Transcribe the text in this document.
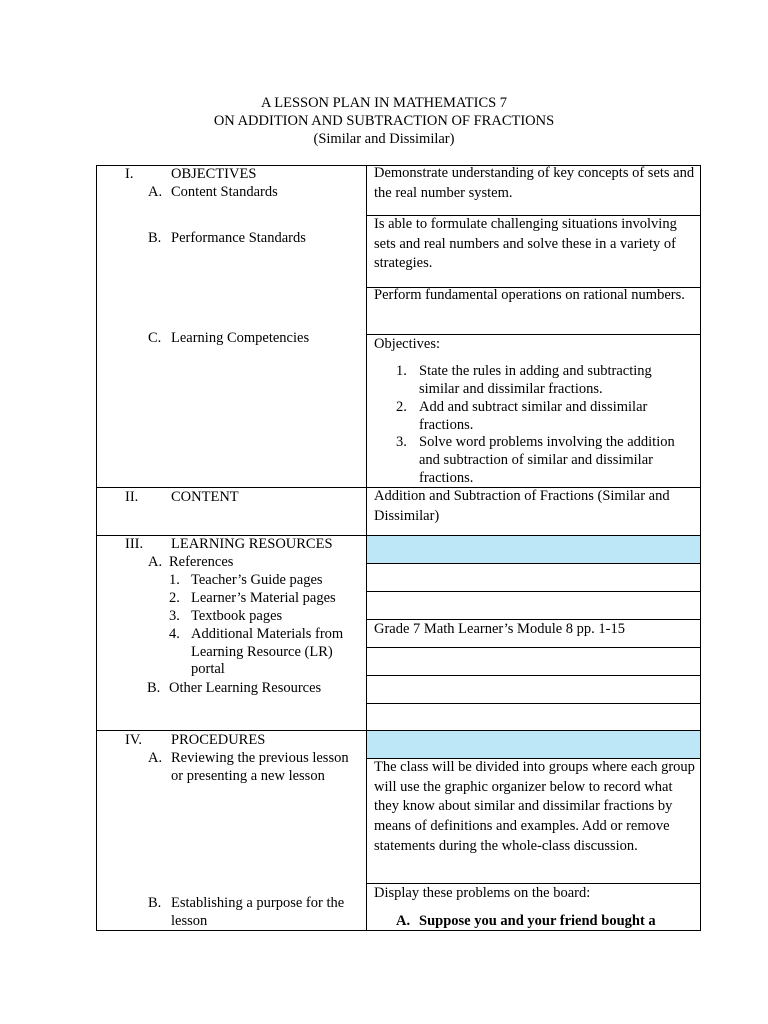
A LESSON PLAN IN MATHEMATICS 7
ON ADDITION AND SUBTRACTION OF FRACTIONS
(Similar and Dissimilar)
I.	OBJECTIVES
A. Content Standards
B. Performance Standards
C. Learning Competencies
Demonstrate understanding of key concepts of sets and the real number system.
Is able to formulate challenging situations involving sets and real numbers and solve these in a variety of strategies.
Perform fundamental operations on rational numbers.
Objectives:
1. State the rules in adding and subtracting
similar and dissimilar fractions.
2. Add and subtract similar and dissimilar
fractions.
3. Solve word problems involving the addition
and subtraction of similar and dissimilar
fractions.
II. CONTENT	Addition and Subtraction of Fractions (Similar and Dissimilar)
III. LEARNING RESOURCES
A. References
1. Teacher’s Guide pages
2. Learner’s Material pages
3. Textbook pages
4. Additional Materials from
Learning Resource (LR)
portal
B. Other Learning Resources
Grade 7 Math Learner’s Module 8 pp. 1-15
IV. PROCEDURES
A. Reviewing the previous lesson
or presenting a new lesson
The class will be divided into groups where each group will use the graphic organizer below to record what they know about similar and dissimilar fractions by means of definitions and examples. Add or remove statements during the whole-class discussion.
B. Establishing a purpose for the
lesson
Display these problems on the board:
A. Suppose you and your friend bought a
